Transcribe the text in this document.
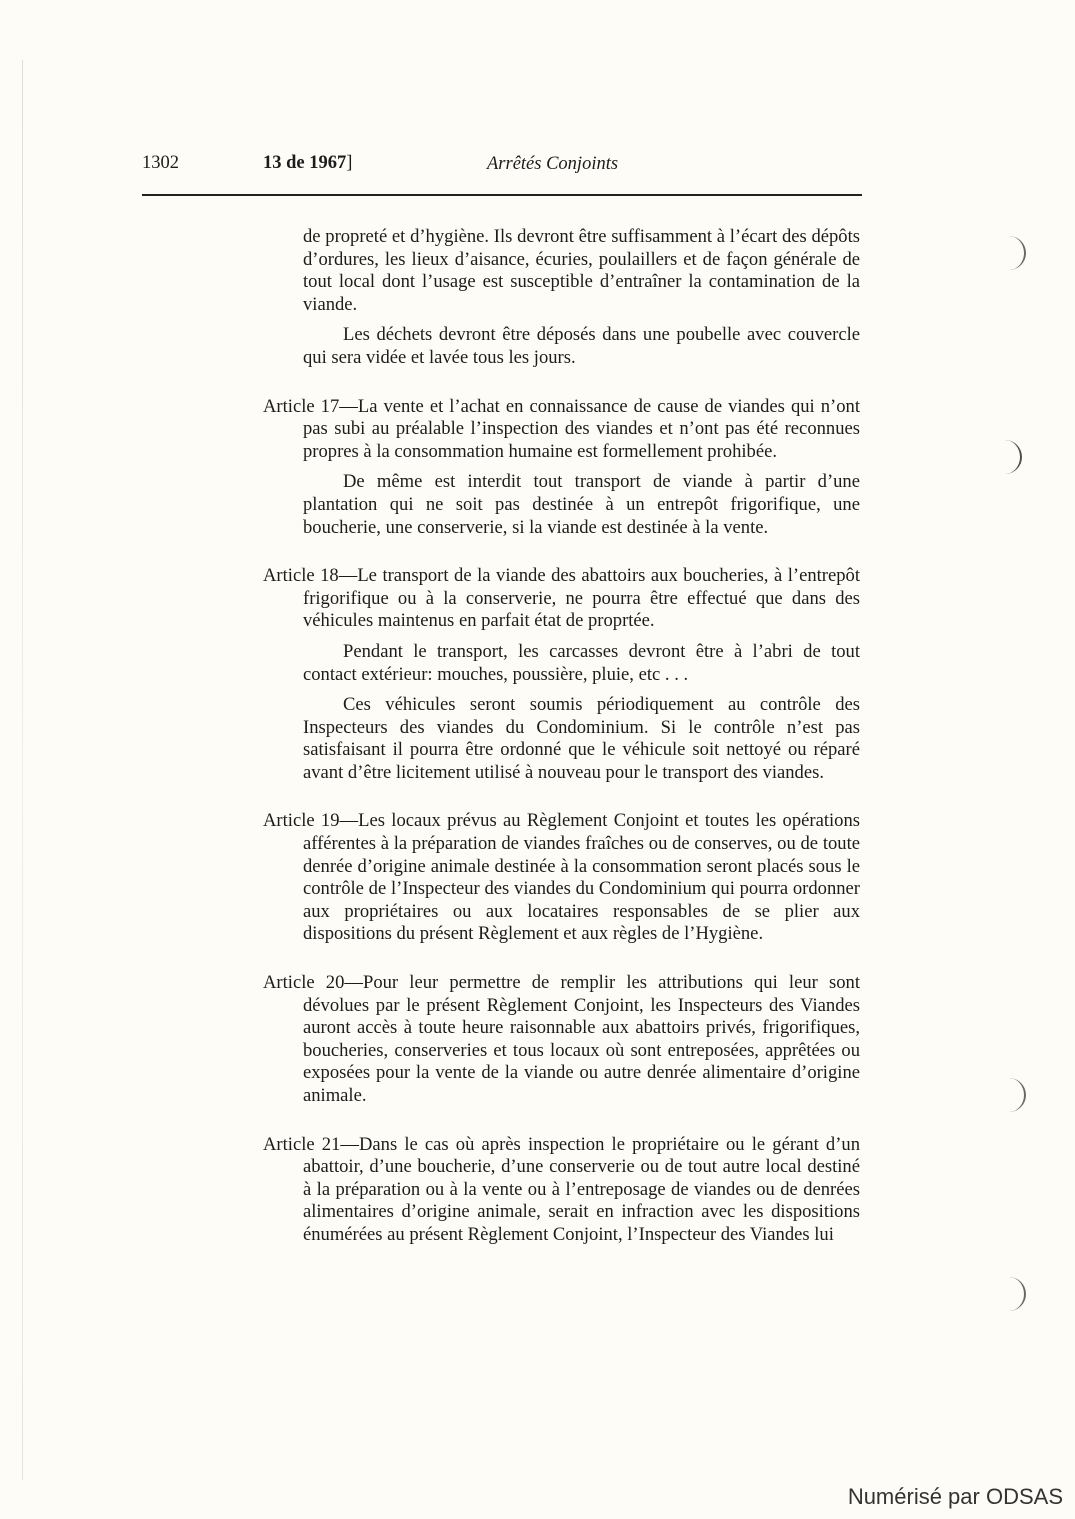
1302	13 de 1967]	Arrêtés Conjoints

de propreté et d’hygiène. Ils devront être suffisamment à l’écart des dépôts d’ordures, les lieux d’aisance, écuries, poulaillers et de façon générale de tout local dont l’usage est susceptible d’entraîner la contamination de la viande.

Les déchets devront être déposés dans une poubelle avec couvercle qui sera vidée et lavée tous les jours.

Article 17—La vente et l’achat en connaissance de cause de viandes qui n’ont pas subi au préalable l’inspection des viandes et n’ont pas été reconnues propres à la consommation humaine est formellement prohibée.

De même est interdit tout transport de viande à partir d’une plantation qui ne soit pas destinée à un entrepôt frigorifique, une boucherie, une conserverie, si la viande est destinée à la vente.

Article 18—Le transport de la viande des abattoirs aux boucheries, à l’entrepôt frigorifique ou à la conserverie, ne pourra être effectué que dans des véhicules maintenus en parfait état de proprtée.

Pendant le transport, les carcasses devront être à l’abri de tout contact extérieur: mouches, poussière, pluie, etc . . .

Ces véhicules seront soumis périodiquement au contrôle des Inspecteurs des viandes du Condominium. Si le contrôle n’est pas satisfaisant il pourra être ordonné que le véhicule soit nettoyé ou réparé avant d’être licitement utilisé à nouveau pour le transport des viandes.

Article 19—Les locaux prévus au Règlement Conjoint et toutes les opérations afférentes à la préparation de viandes fraîches ou de conserves, ou de toute denrée d’origine animale destinée à la consommation seront placés sous le contrôle de l’Inspecteur des viandes du Condominium qui pourra ordonner aux propriétaires ou aux locataires responsables de se plier aux dispositions du présent Règlement et aux règles de l’Hygiène.

Article 20—Pour leur permettre de remplir les attributions qui leur sont dévolues par le présent Règlement Conjoint, les Inspecteurs des Viandes auront accès à toute heure raisonnable aux abattoirs privés, frigorifiques, boucheries, conserveries et tous locaux où sont entreposées, apprêtées ou exposées pour la vente de la viande ou autre denrée alimentaire d’origine animale.

Article 21—Dans le cas où après inspection le propriétaire ou le gérant d’un abattoir, d’une boucherie, d’une conserverie ou de tout autre local destiné à la préparation ou à la vente ou à l’entreposage de viandes ou de denrées alimentaires d’origine animale, serait en infraction avec les dispositions énumérées au présent Règlement Conjoint, l’Inspecteur des Viandes lui

Numérisé par ODSAS
